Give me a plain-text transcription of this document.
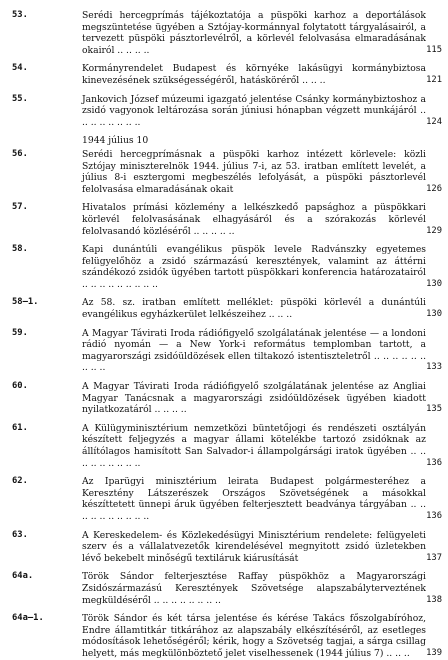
53.	Serédi hercegprímás tájékoztatója a püspöki karhoz a deportálások megszüntetése ügyében a Sztójay-kormánnyal folytatott tárgyalásairól, a tervezett püspöki pásztorlevélről, a körlevél felolvasása elmaradásának okairól .. .. .. ..	115
54.	Kormányrendelet Budapest és környéke lakásügyi kormánybiztosa kinevezésének szükségességéről, hatásköréről .. .. ..	121
55.	Jankovich József múzeumi igazgató jelentése Csánky kormánybiztoshoz a zsidó vagyonok leltározása során júniusi hónapban végzett munkájáról .. .. .. .. .. .. .. ..	124
1944 július 10
56.	Serédi hercegprímásnak a püspöki karhoz intézett körlevele: közli Sztójay miniszterelnök 1944. július 7-i, az 53. iratban említett levelét, a július 8-i esztergomi megbeszélés lefolyását, a püspöki pásztorlevél felolvasása elmaradásának okait	126
57.	Hivatalos prímási közlemény a lelkészkedő papsághoz a püspökkari körlevél felolvasásának elhagyásáról és a szórakozás körlevél felolvasandó közléséről .. .. .. .. ..	129
58.	Kapi dunántúli evangélikus püspök levele Radvánszky egyetemes felügyelőhöz a zsidó származású keresztények, valamint az áttérni szándékozó zsidók ügyében tartott püspökkari konferencia határozatairól .. .. .. .. .. .. .. .. ..	130
58—1.	Az 58. sz. iratban említett melléklet: püspöki körlevél a dunántúli evangélikus egyházkerület lelkészeihez .. .. ..	130
59.	A Magyar Távirati Iroda rádiófigyelő szolgálatának jelentése — a londoni rádió nyomán — a New York-i református templomban tartott, a magyarországi zsidóüldözések ellen tiltakozó istentiszteletről .. .. .. .. .. .. .. .. ..	133
60.	A Magyar Távirati Iroda rádiófigyelő szolgálatának jelentése az Angliai Magyar Tanácsnak a magyarországi zsidóüldözések ügyében kiadott nyilatkozatáról .. .. .. ..	135
61.	A Külügyminisztérium nemzetközi büntetőjogi és rendészeti osztályán készített feljegyzés a magyar állami kötelékbe tartozó zsidóknak az állítólagos hamisított San Salvador-i állampolgársági iratok ügyében .. .. .. .. .. .. .. .. ..	136
62.	Az Iparügyi minisztérium leirata Budapest polgármesteréhez a Keresztény Látszerészek Országos Szövetségének a másokkal készíttetett ünnepi áruk ügyében felterjesztett beadványa tárgyában .. .. .. .. .. .. .. .. .. ..	136
63.	A Kereskedelem- és Közlekedésügyi Minisztérium rendelete: felügyeleti szerv és a vállalatvezetők kirendelésével megnyitott zsidó üzletekben lévő bekebelt minőségű textiláruk kiárusítását	137
64a.	Török Sándor felterjesztése Raffay püspökhöz a Magyarországi Zsidószármazású Keresztények Szövetsége alapszabályterveztének megküldéséről .. .. .. .. .. .. .. ..	138
64a—1.	Török Sándor és két társa jelentése és kérése Takács főszolgabíróhoz, Endre államtitkár titkárához az alapszabály elkészítéséről, az esetleges módosítások lehetőségéről; kérik, hogy a Szövetség tagjai, a sárga csillag helyett, más megkülönböztető jelet viselhessenek (1944 július 7) .. .. ..	139
